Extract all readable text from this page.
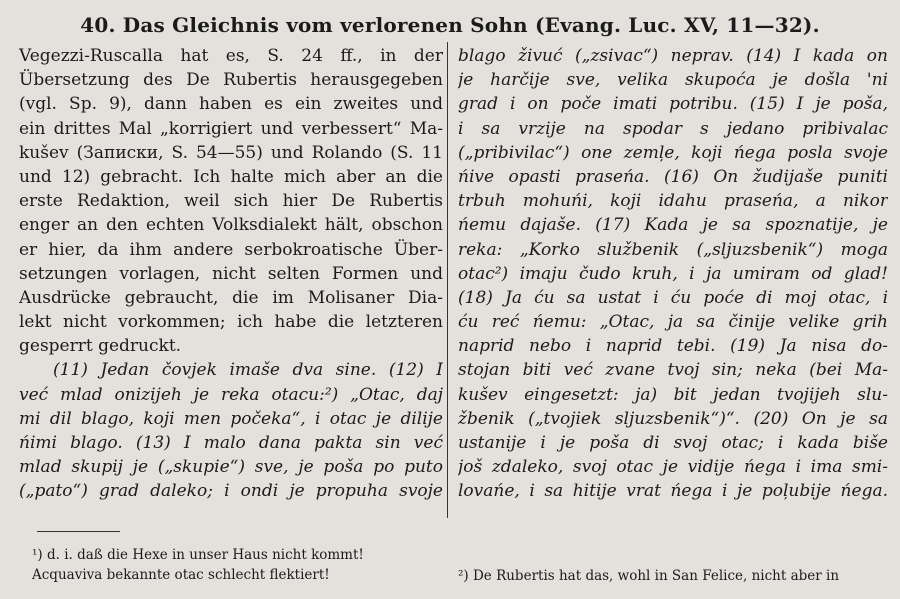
40. Das Gleichnis vom verlorenen Sohn (Evang. Luc. XV, 11—32).
Vegezzi-Ruscalla hat es, S. 24 ff., in der
Übersetzung des De Rubertis herausgegeben
(vgl. Sp. 9), dann haben es ein zweites und
ein drittes Mal „korrigiert und verbessert“ Ma-
kušev (Записки, S. 54—55) und Rolando (S. 11
und 12) gebracht. Ich halte mich aber an die
erste Redaktion, weil sich hier De Rubertis
enger an den echten Volksdialekt hält, obschon
er hier, da ihm andere serbokroatische Über-
setzungen vorlagen, nicht selten Formen und
Ausdrücke gebraucht, die im Molisaner Dia-
lekt nicht vorkommen; ich habe die letzteren
gesperrt gedruckt.
(11) Jedan čovjek imaše dva sine. (12) I
već mlad onizijeh je reka otacu:²) „Otac, daj
mi dil blago, koji men počeka“, i otac je dilije
ńimi blago. (13) I malo dana pakta sin već
mlad skupij je („skupie“) sve, je poša po puto
(„pato“) grad daleko; i ondi je propuha svoje
blago živuć („zsivac“) neprav. (14) I kada on
je harčije sve, velika skupoća je došla 'ni
grad i on poče imati potribu. (15) I je poša,
i sa vrzije na spodar s jedano pribivalac
(„pribivilac“) one zemļe, koji ńega posla svoje
ńive opasti praseńa. (16) On žudijaše puniti
trbuh mohuńi, koji idahu praseńa, a nikor
ńemu dajaše. (17) Kada je sa spoznatije, je
reka: „Korko službenik („sljuzsbenik“) moga
otac²) imaju čudo kruh, i ja umiram od glad!
(18) Ja ću sa ustat i ću poće di moj otac, i
ću reć ńemu: „Otac, ja sa činije velike grih
naprid nebo i naprid tebi. (19) Ja nisa do-
stojan biti već zvane tvoj sin; neka (bei Ma-
kušev eingesetzt: ja) bit jedan tvojijeh slu-
žbenik („tvojiek sljuzsbenik“)“. (20) On je sa
ustanije i je poša di svoj otac; i kada biše
još zdaleko, svoj otac je vidije ńega i ima smi-
lovańe, i sa hitije vrat ńega i je poļubije ńega.
¹) d. i. daß die Hexe in unser Haus nicht kommt!
Acquaviva bekannte otac schlecht flektiert!	²) De Rubertis hat das, wohl in San Felice, nicht aber in
